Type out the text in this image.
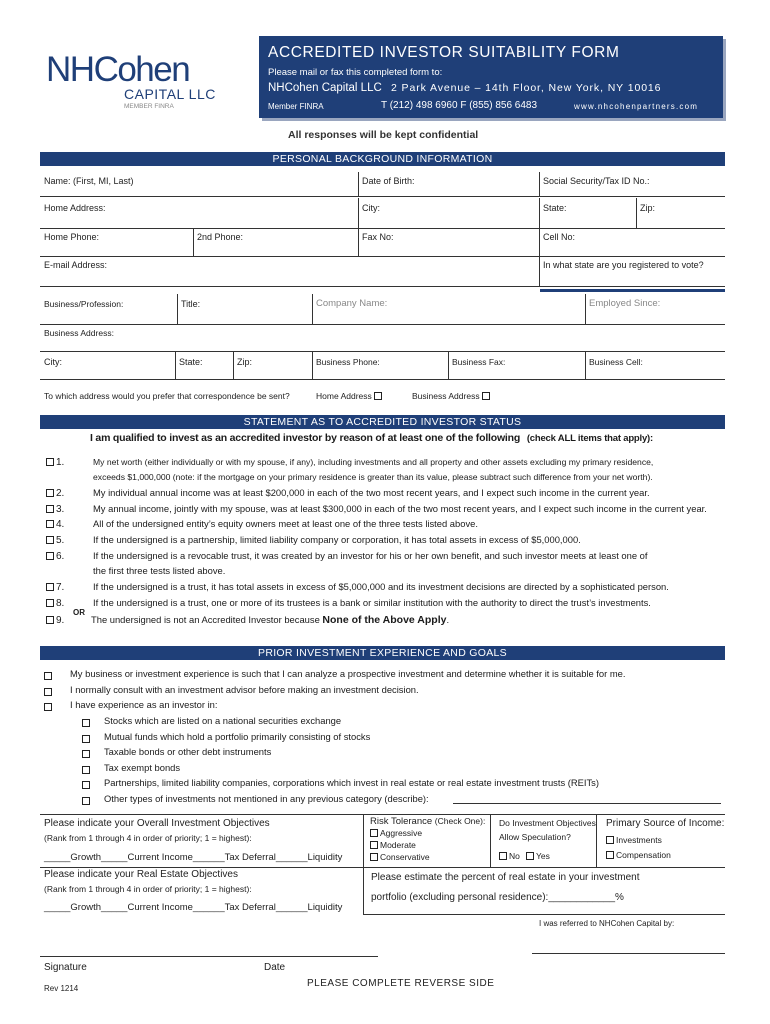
NHCohen
CAPITAL LLC
MEMBER FINRA
ACCREDITED INVESTOR SUITABILITY FORM
Please mail or fax this completed form to:
NHCohen Capital LLC 2 Park Avenue – 14th Floor, New York, NY 10016
Member FINRA	T (212) 498 6960 F (855) 856 6483	www.nhcohenpartners.com
All responses will be kept confidential
PERSONAL BACKGROUND INFORMATION
Name: (First, MI, Last)	Date of Birth:	Social Security/Tax ID No.:
Home Address:	City:	State:	Zip:
Home Phone:	2nd Phone:	Fax No:	Cell No:
E-mail Address:	In what state are you registered to vote?
Business/Profession:	Title:	Company Name:	Employed Since:
Business Address:
City:	State:	Zip:	Business Phone:	Business Fax:	Business Cell:
To which address would you prefer that correspondence be sent?	Home Address	Business Address
STATEMENT AS TO ACCREDITED INVESTOR STATUS
I am qualified to invest as an accredited investor by reason of at least one of the following (check ALL items that apply):
1.	My net worth (either individually or with my spouse, if any), including investments and all property and other assets excluding my primary residence,
exceeds $1,000,000 (note: if the mortgage on your primary residence is greater than its value, please subtract such difference from your net worth).
2.	My individual annual income was at least $200,000 in each of the two most recent years, and I expect such income in the current year.
3.	My annual income, jointly with my spouse, was at least $300,000 in each of the two most recent years, and I expect such income in the current year.
4.	All of the undersigned entity’s equity owners meet at least one of the three tests listed above.
5.	If the undersigned is a partnership, limited liability company or corporation, it has total assets in excess of $5,000,000.
6.	If the undersigned is a revocable trust, it was created by an investor for his or her own benefit, and such investor meets at least one of
the first three tests listed above.
7.	If the undersigned is a trust, it has total assets in excess of $5,000,000 and its investment decisions are directed by a sophisticated person.
8.	If the undersigned is a trust, one or more of its trustees is a bank or similar institution with the authority to direct the trust’s investments.
OR
9.	The undersigned is not an Accredited Investor because None of the Above Apply.
PRIOR INVESTMENT EXPERIENCE AND GOALS
My business or investment experience is such that I can analyze a prospective investment and determine whether it is suitable for me.
I normally consult with an investment advisor before making an investment decision.
I have experience as an investor in:
Stocks which are listed on a national securities exchange
Mutual funds which hold a portfolio primarily consisting of stocks
Taxable bonds or other debt instruments
Tax exempt bonds
Partnerships, limited liability companies, corporations which invest in real estate or real estate investment trusts (REITs)
Other types of investments not mentioned in any previous category (describe):
Please indicate your Overall Investment Objectives
(Rank from 1 through 4 in order of priority; 1 = highest):
_____Growth_____Current Income______Tax Deferral______Liquidity
Risk Tolerance (Check One):
Aggressive
Moderate
Conservative
Do Investment Objectives
Allow Speculation?
No	Yes
Primary Source of Income:
Investments
Compensation
Please indicate your Real Estate Objectives
(Rank from 1 through 4 in order of priority; 1 = highest):
_____Growth_____Current Income______Tax Deferral______Liquidity
Please estimate the percent of real estate in your investment
portfolio (excluding personal residence):____________%
I was referred to NHCohen Capital by:
Signature	Date
Rev 1214	PLEASE COMPLETE REVERSE SIDE
